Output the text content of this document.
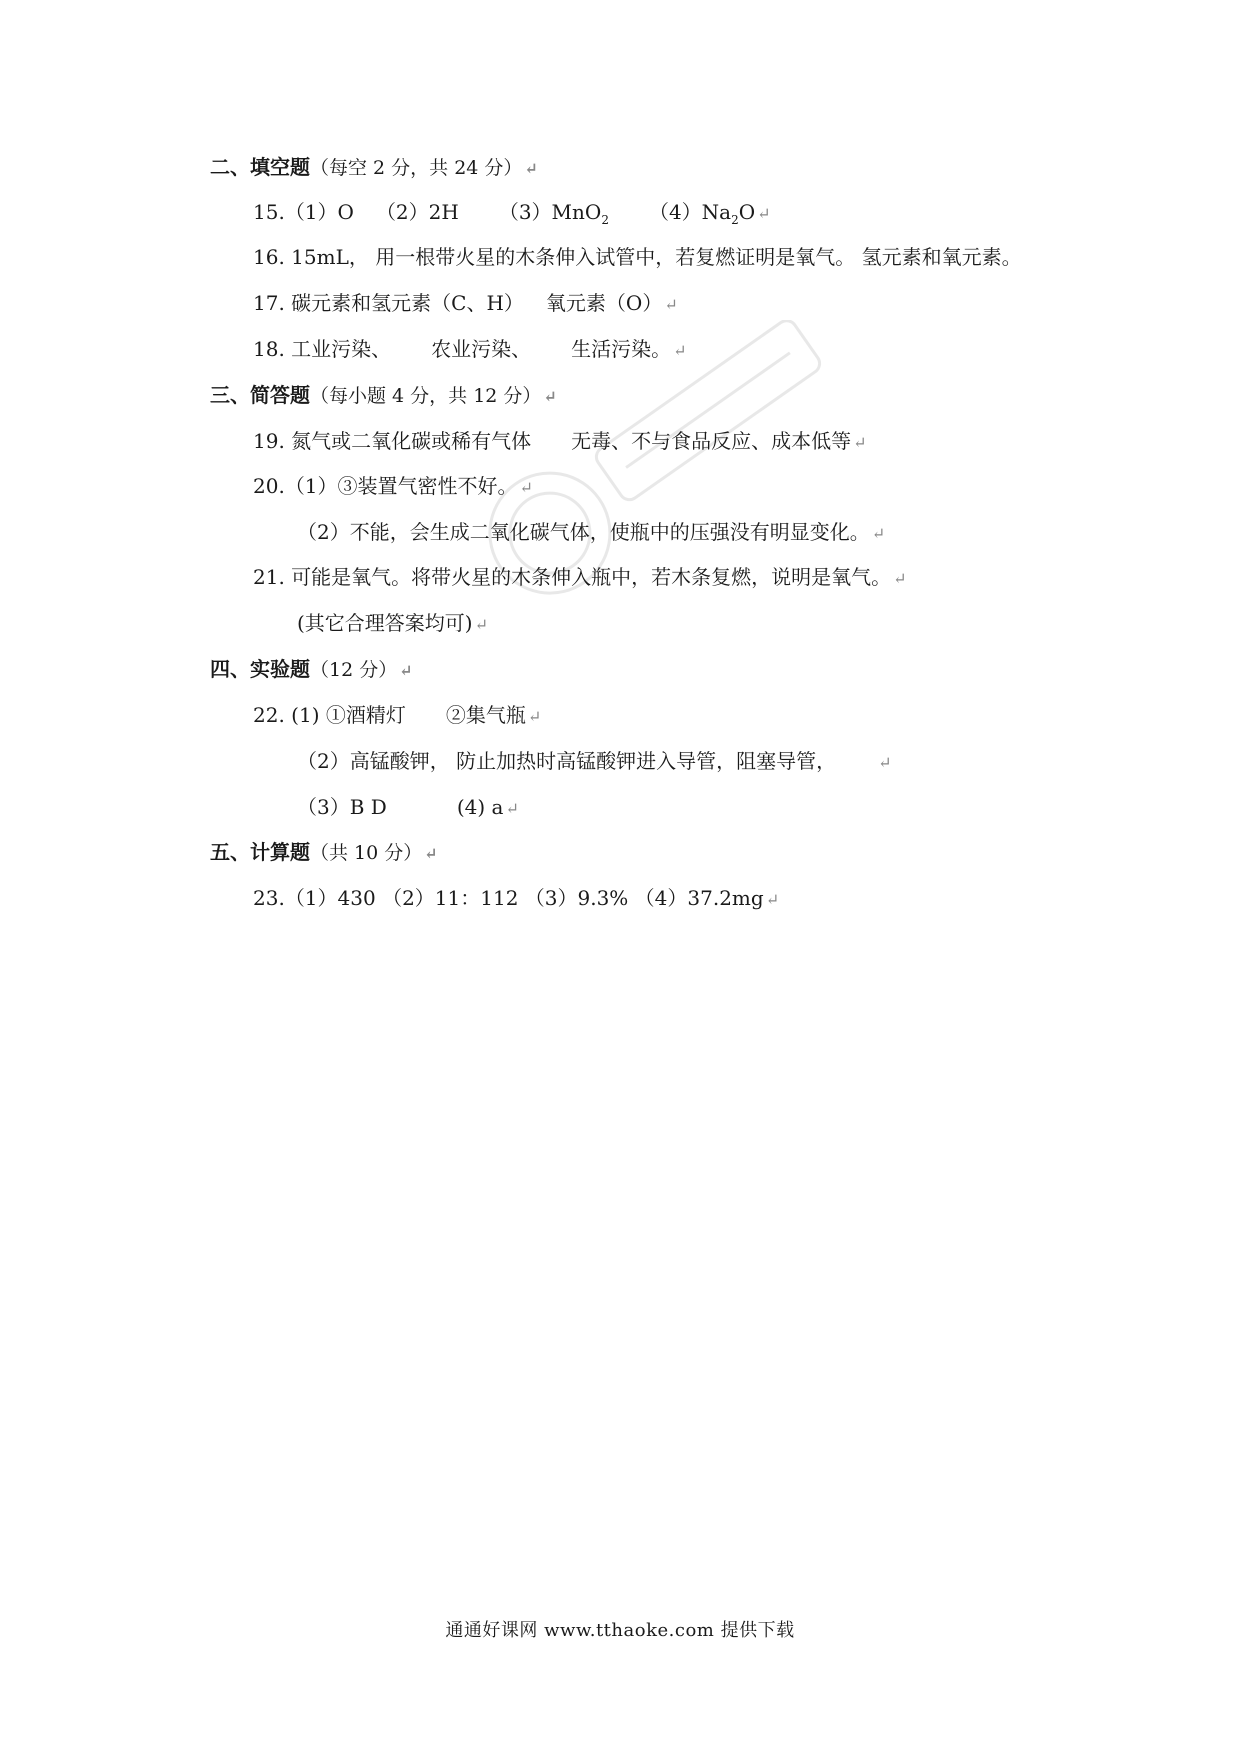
二、填空题（每空 2 分，共 24 分） ↵
15.（1）O （2）2H （3）MnO$_2$ $(4)Na_2O$ ↵
16. 15mL， 用一根带火星的木条伸入试管中，若复燃证明是氧气。 氢元素和氧元素。
17. 碳元素和氢元素（C、H） 氧元素（O） ↵
18. 工业污染、 农业污染、 生活污染。 ↵
三、简答题（每小题 4 分，共 12 分） ↵
19. 氮气或二氧化碳或稀有气体 无毒、不与食品反应、成本低等 ↵
20.（1）③装置气密性不好。 ↵
（2）不能，会生成二氧化碳气体，使瓶中的压强没有明显变化。 ↵
21. 可能是氧气。将带火星的木条伸入瓶中，若木条复燃，说明是氧气。 ↵
(其它合理答案均可) ↵
四、实验题（12 分） ↵
22. (1) ①酒精灯 ②集气瓶 ↵
（2）高锰酸钾， 防止加热时高锰酸钾进入导管，阻塞导管，	↵
（3）B D	(4) a ↵
五、计算题（共 10 分） ↵
23.（1）430 （2）11：112 （3）9.3% （4）37.2mg ↵
通通好课网 www.tthaoke.com 提供下载
